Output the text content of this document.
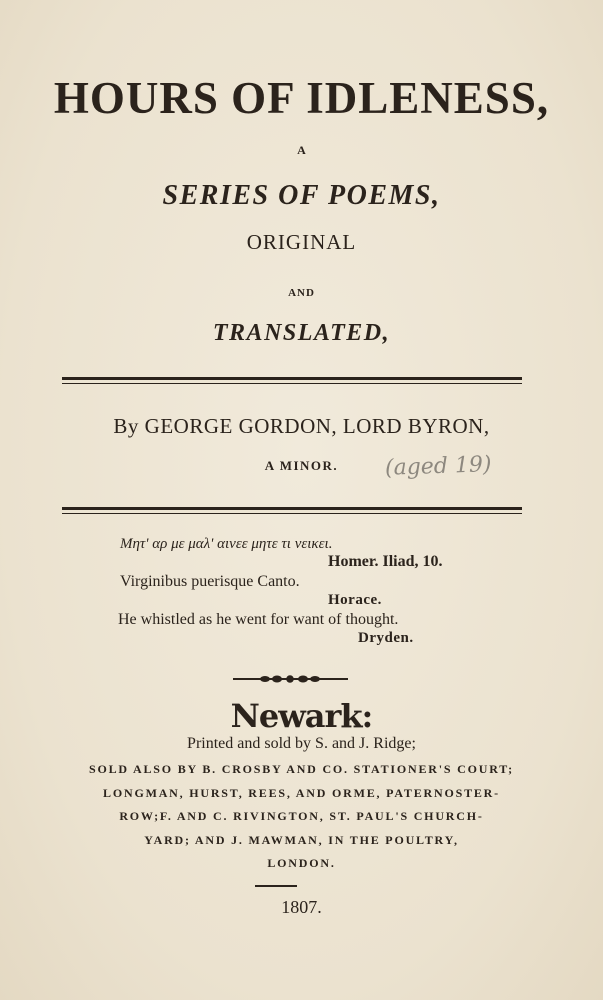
HOURS OF IDLENESS,
A
SERIES OF POEMS,
ORIGINAL
AND
TRANSLATED,
By GEORGE GORDON, LORD BYRON,
A MINOR.	(aged 19)
Μητ' αρ με μαλ' αινεε μητε τι νεικει.
Homer. Iliad, 10.
Virginibus puerisque Canto.
Horace.
He whistled as he went for want of thought.
Dryden.
Newark:
Printed and sold by S. and J. Ridge;
SOLD ALSO BY B. CROSBY AND CO. STATIONER'S COURT;
LONGMAN, HURST, REES, AND ORME, PATERNOSTER-
ROW;F. AND C. RIVINGTON, ST. PAUL'S CHURCH-
YARD; AND J. MAWMAN, IN THE POULTRY,
LONDON.
1807.
